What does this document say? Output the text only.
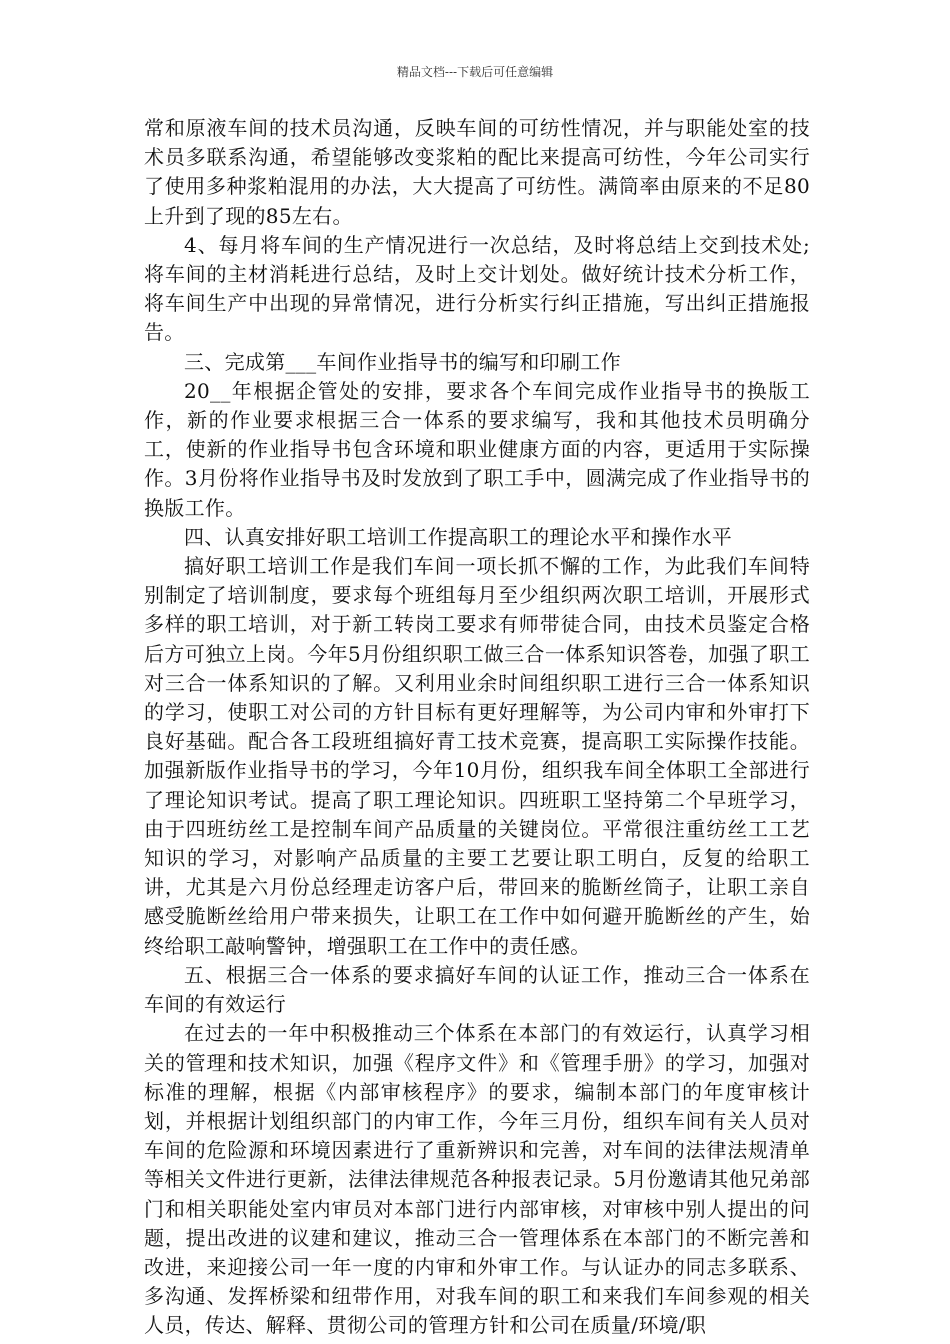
精品文档---下载后可任意编辑

常和原液车间的技术员沟通，反映车间的可纺性情况，并与职能处室的技术员多联系沟通，希望能够改变浆粕的配比来提高可纺性，今年公司实行了使用多种浆粕混用的办法，大大提高了可纺性。满筒率由原来的不足80上升到了现的85左右。

4、每月将车间的生产情况进行一次总结，及时将总结上交到技术处;将车间的主材消耗进行总结，及时上交计划处。做好统计技术分析工作，将车间生产中出现的异常情况，进行分析实行纠正措施，写出纠正措施报告。

三、完成第___车间作业指导书的编写和印刷工作

20__年根据企管处的安排，要求各个车间完成作业指导书的换版工作，新的作业要求根据三合一体系的要求编写，我和其他技术员明确分工，使新的作业指导书包含环境和职业健康方面的内容，更适用于实际操作。3月份将作业指导书及时发放到了职工手中，圆满完成了作业指导书的换版工作。

四、认真安排好职工培训工作提高职工的理论水平和操作水平

搞好职工培训工作是我们车间一项长抓不懈的工作，为此我们车间特别制定了培训制度，要求每个班组每月至少组织两次职工培训，开展形式多样的职工培训，对于新工转岗工要求有师带徒合同，由技术员鉴定合格后方可独立上岗。今年5月份组织职工做三合一体系知识答卷，加强了职工对三合一体系知识的了解。又利用业余时间组织职工进行三合一体系知识的学习，使职工对公司的方针目标有更好理解等，为公司内审和外审打下良好基础。配合各工段班组搞好青工技术竞赛，提高职工实际操作技能。加强新版作业指导书的学习，今年10月份，组织我车间全体职工全部进行了理论知识考试。提高了职工理论知识。四班职工坚持第二个早班学习，由于四班纺丝工是控制车间产品质量的关键岗位。平常很注重纺丝工工艺知识的学习，对影响产品质量的主要工艺要让职工明白，反复的给职工讲，尤其是六月份总经理走访客户后，带回来的脆断丝筒子，让职工亲自感受脆断丝给用户带来损失，让职工在工作中如何避开脆断丝的产生，始终给职工敲响警钟，增强职工在工作中的责任感。

五、根据三合一体系的要求搞好车间的认证工作，推动三合一体系在车间的有效运行

在过去的一年中积极推动三个体系在本部门的有效运行，认真学习相关的管理和技术知识，加强《程序文件》和《管理手册》的学习，加强对标准的理解，根据《内部审核程序》的要求，编制本部门的年度审核计划，并根据计划组织部门的内审工作，今年三月份，组织车间有关人员对车间的危险源和环境因素进行了重新辨识和完善，对车间的法律法规清单等相关文件进行更新，法律法律规范各种报表记录。5月份邀请其他兄弟部门和相关职能处室内审员对本部门进行内部审核，对审核中别人提出的问题，提出改进的议建和建议，推动三合一管理体系在本部门的不断完善和改进，来迎接公司一年一度的内审和外审工作。与认证办的同志多联系、多沟通、发挥桥梁和纽带作用，对我车间的职工和来我们车间参观的相关人员，传达、解释、贯彻公司的管理方针和公司在质量/环境/职
